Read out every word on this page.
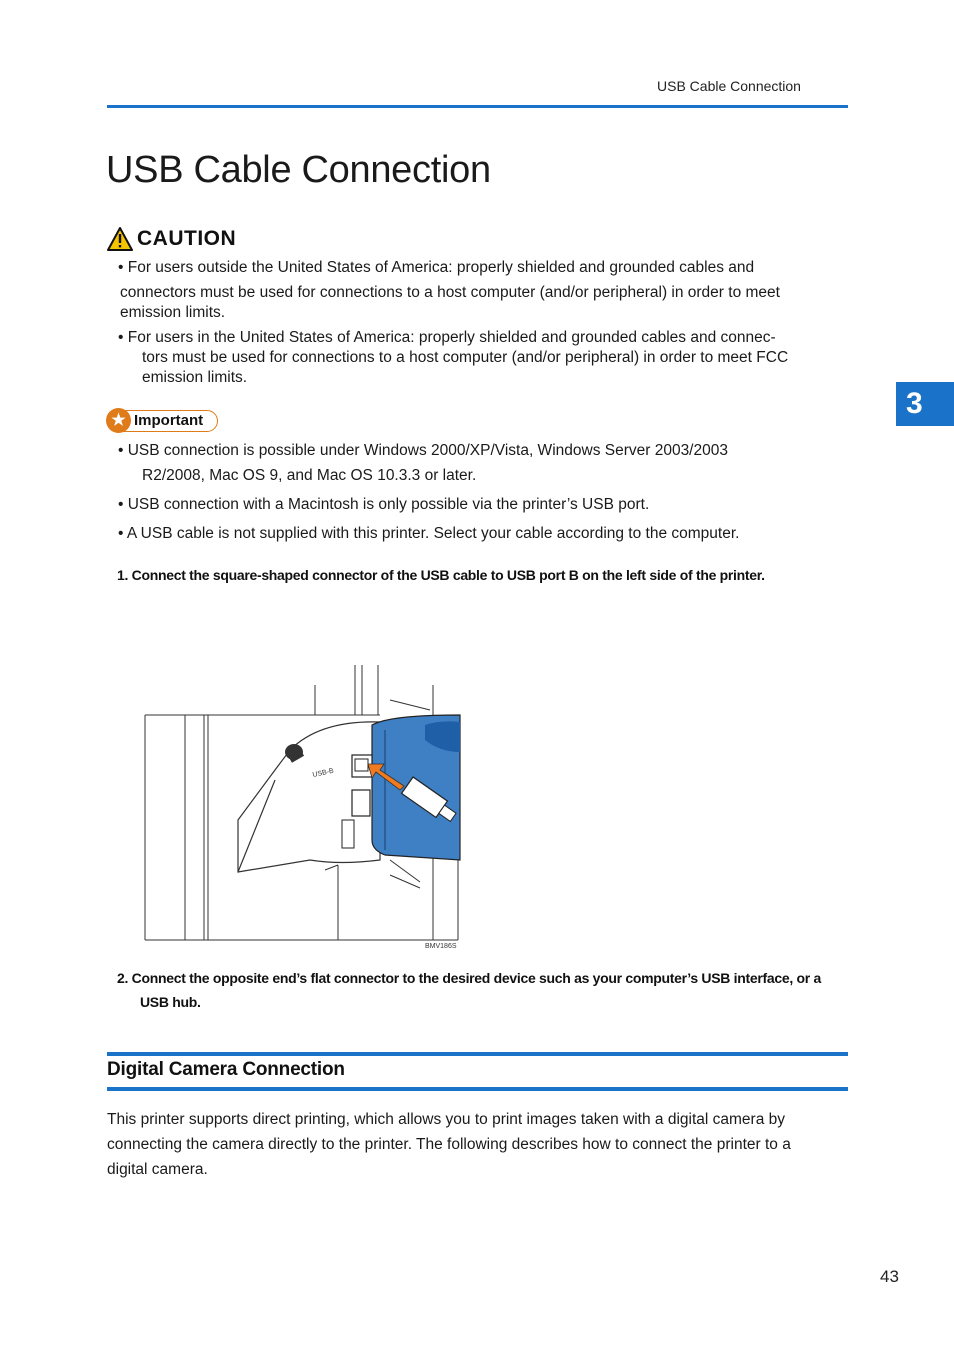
USB Cable Connection
USB Cable Connection
CAUTION
• For users outside the United States of America: properly shielded and grounded cables and
connectors must be used for connections to a host computer (and/or peripheral) in order to meet emission limits.
• For users in the United States of America: properly shielded and grounded cables and connec-
tors must be used for connections to a host computer (and/or peripheral) in order to meet FCC emission limits.
★ Important
• USB connection is possible under Windows 2000/XP/Vista, Windows Server 2003/2003
R2/2008, Mac OS 9, and Mac OS 10.3.3 or later.
• USB connection with a Macintosh is only possible via the printer’s USB port.
• A USB cable is not supplied with this printer. Select your cable according to the computer.
1. Connect the square-shaped connector of the USB cable to USB port B on the left side of the printer.
USB-B
BMV186S
2. Connect the opposite end’s flat connector to the desired device such as your computer’s USB interface, or a
USB hub.
Digital Camera Connection
This printer supports direct printing, which allows you to print images taken with a digital camera by
connecting the camera directly to the printer. The following describes how to connect the printer to a
digital camera.
3
43
